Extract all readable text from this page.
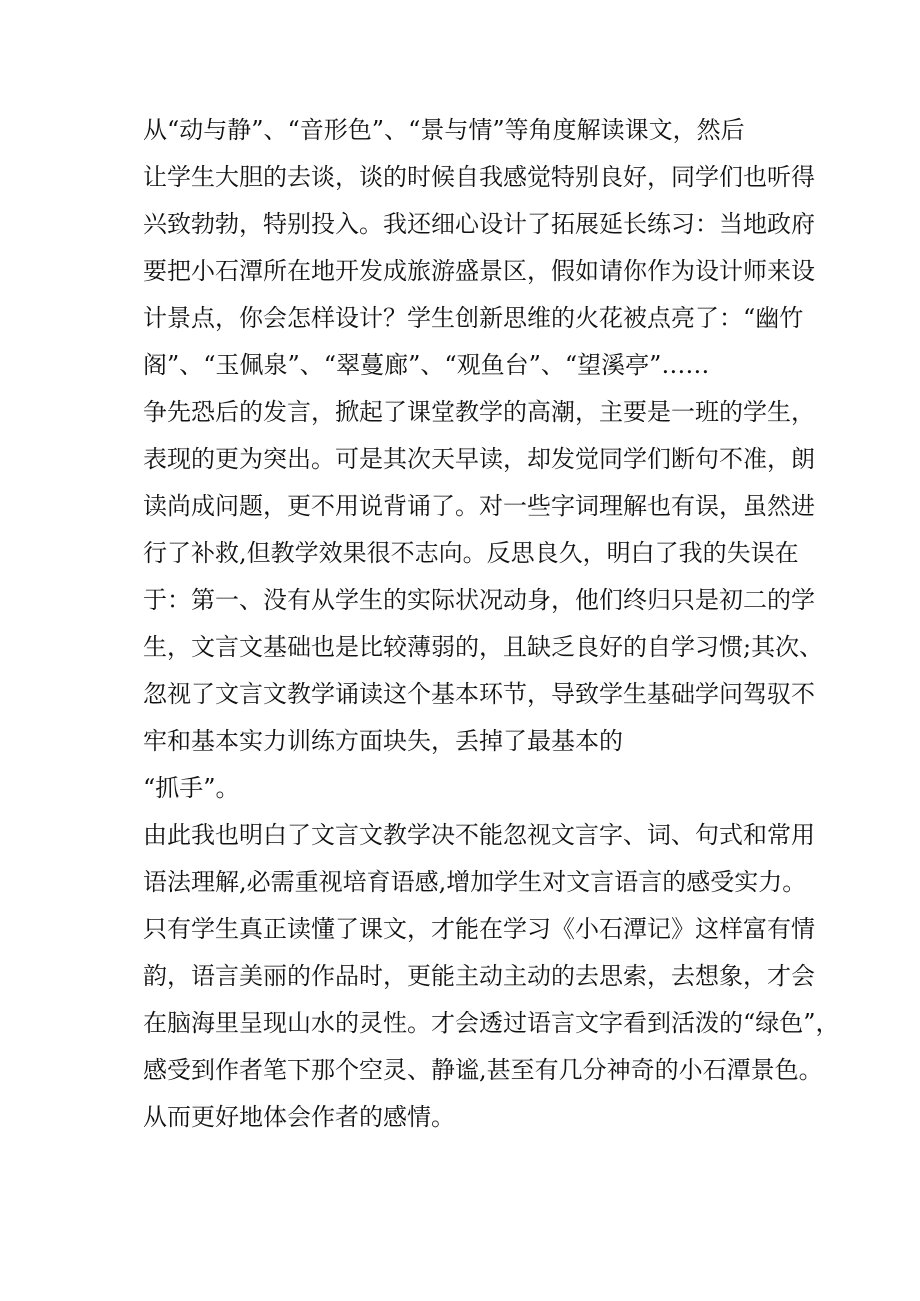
从“动与静”、“音形色”、“景与情”等角度解读课文，然后
让学生大胆的去谈，谈的时候自我感觉特别良好，同学们也听得
兴致勃勃，特别投入。我还细心设计了拓展延长练习：当地政府
要把小石潭所在地开发成旅游盛景区，假如请你作为设计师来设
计景点，你会怎样设计？学生创新思维的火花被点亮了：“幽竹
阁”、“玉佩泉”、“翠蔓廊”、“观鱼台”、“望溪亭”……
争先恐后的发言，掀起了课堂教学的高潮，主要是一班的学生，
表现的更为突出。可是其次天早读，却发觉同学们断句不准，朗
读尚成问题，更不用说背诵了。对一些字词理解也有误，虽然进
行了补救,但教学效果很不志向。反思良久，明白了我的失误在
于：第一、没有从学生的实际状况动身，他们终归只是初二的学
生，文言文基础也是比较薄弱的，且缺乏良好的自学习惯;其次、
忽视了文言文教学诵读这个基本环节，导致学生基础学问驾驭不
牢和基本实力训练方面块失，丢掉了最基本的
“抓手”。
由此我也明白了文言文教学决不能忽视文言字、词、句式和常用
语法理解,必需重视培育语感,增加学生对文言语言的感受实力。
只有学生真正读懂了课文，才能在学习《小石潭记》这样富有情
韵，语言美丽的作品时，更能主动主动的去思索，去想象，才会
在脑海里呈现山水的灵性。才会透过语言文字看到活泼的“绿色”，
感受到作者笔下那个空灵、静谧,甚至有几分神奇的小石潭景色。
从而更好地体会作者的感情。
